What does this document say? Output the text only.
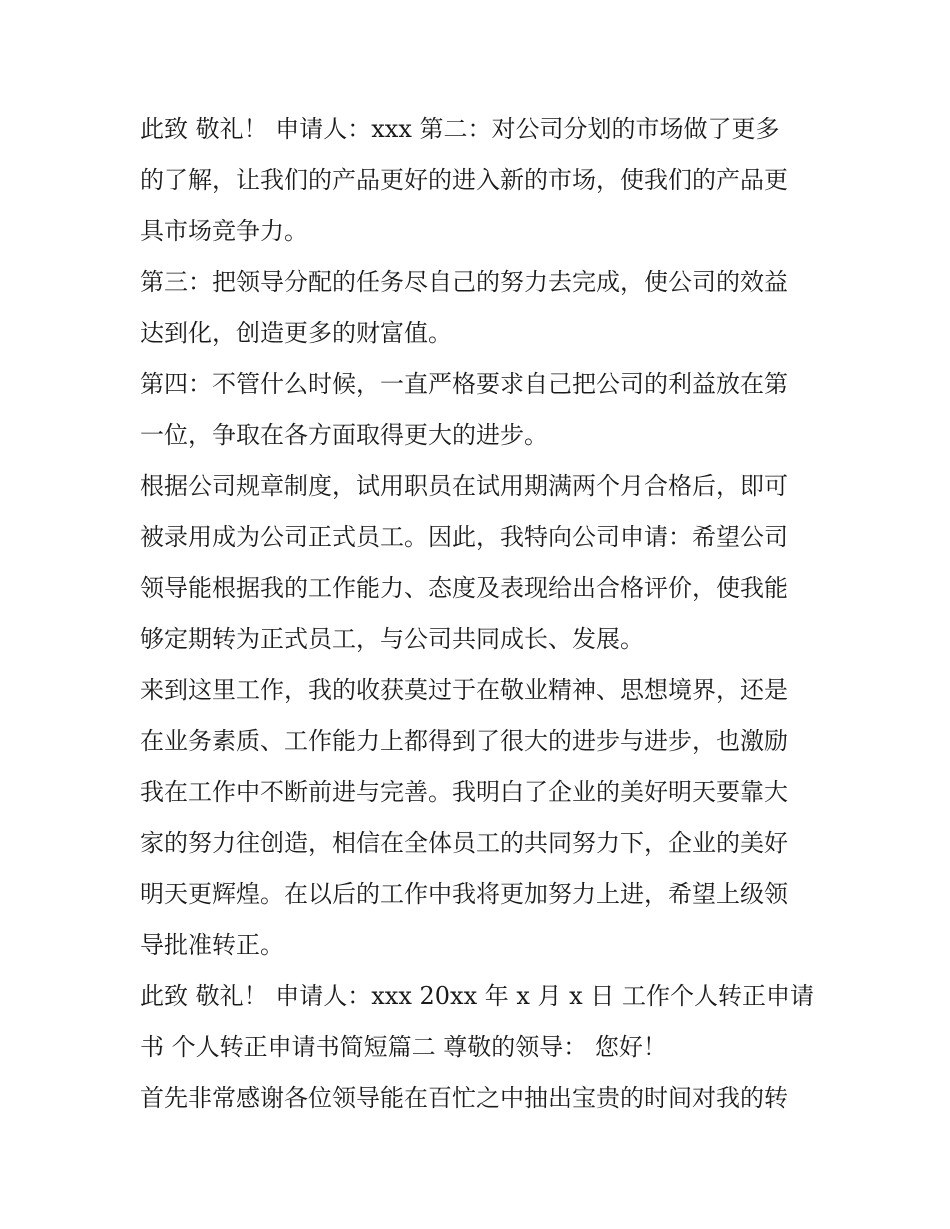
此致 敬礼！ 申请人：xxx 第二：对公司分划的市场做了更多
的了解，让我们的产品更好的进入新的市场，使我们的产品更
具市场竞争力。

第三：把领导分配的任务尽自己的努力去完成，使公司的效益
达到化，创造更多的财富值。

第四：不管什么时候，一直严格要求自己把公司的利益放在第
一位，争取在各方面取得更大的进步。

根据公司规章制度，试用职员在试用期满两个月合格后，即可
被录用成为公司正式员工。因此，我特向公司申请：希望公司
领导能根据我的工作能力、态度及表现给出合格评价，使我能
够定期转为正式员工，与公司共同成长、发展。

来到这里工作，我的收获莫过于在敬业精神、思想境界，还是
在业务素质、工作能力上都得到了很大的进步与进步，也激励
我在工作中不断前进与完善。我明白了企业的美好明天要靠大
家的努力往创造，相信在全体员工的共同努力下，企业的美好
明天更辉煌。在以后的工作中我将更加努力上进，希望上级领
导批准转正。

此致 敬礼！ 申请人：xxx 20xx 年 x 月 x 日 工作个人转正申请
书 个人转正申请书简短篇二 尊敬的领导： 您好！

首先非常感谢各位领导能在百忙之中抽出宝贵的时间对我的转
